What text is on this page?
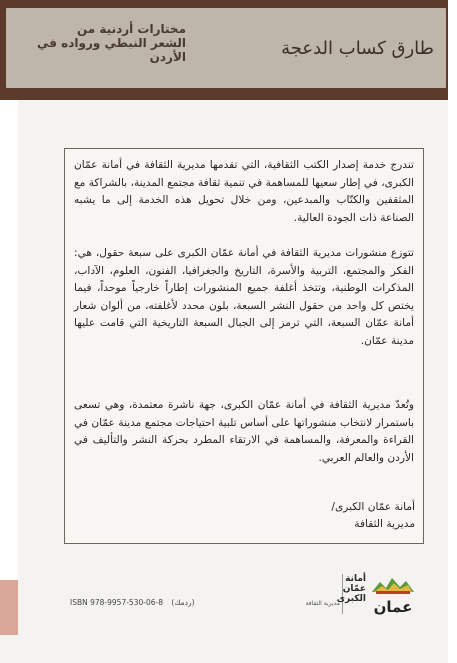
مختارات أردنية من
الشعر النبطي ورواده في الأردن	طارق كساب الدعجة

تندرج خدمة إصدار الكتب الثقافية، التي تقدمها مديرية الثقافة في أمانة عمّان الكبرى، في إطار سعيها للمساهمة في تنمية ثقافة مجتمع المدينة، بالشراكة مع المثقفين والكتّاب والمبدعين، ومن خلال تحويل هذه الخدمة إلى ما يشبه الصناعة ذات الجودة العالية.

تتوزع منشورات مديرية الثقافة في أمانة عمّان الكبرى على سبعة حقول، هي: الفكر والمجتمع، التربية والأسرة، التاريخ والجغرافيا، الفنون، العلوم، الآداب، المذكرات الوطنية، وتتخذ أغلفة جميع المنشورات إطاراً خارجياً موحداً، فيما يختص كل واحد من حقول النشر السبعة، بلون محدد لأغلفته، من ألوان شعار أمانة عمّان السبعة، التي ترمز إلى الجبال السبعة التاريخية التي قامت عليها مدينة عمّان.

وتُعدّ مديرية الثقافة في أمانة عمّان الكبرى، جهة ناشرة معتمدة، وهي تسعى باستمرار لانتخاب منشوراتها على أساس تلبية احتياجات مجتمع مدينة عمّان في القراءة والمعرفة، والمساهمة في الارتقاء المطرد بحركة النشر والتأليف في الأردن والعالم العربي.

أمانة عمّان الكبرى/
مديرية الثقافة
ISBN 978-9957-530-06-8 (ردمك)	مديرية الثقافة
أمانة
عمّان
الكبرى عمان
